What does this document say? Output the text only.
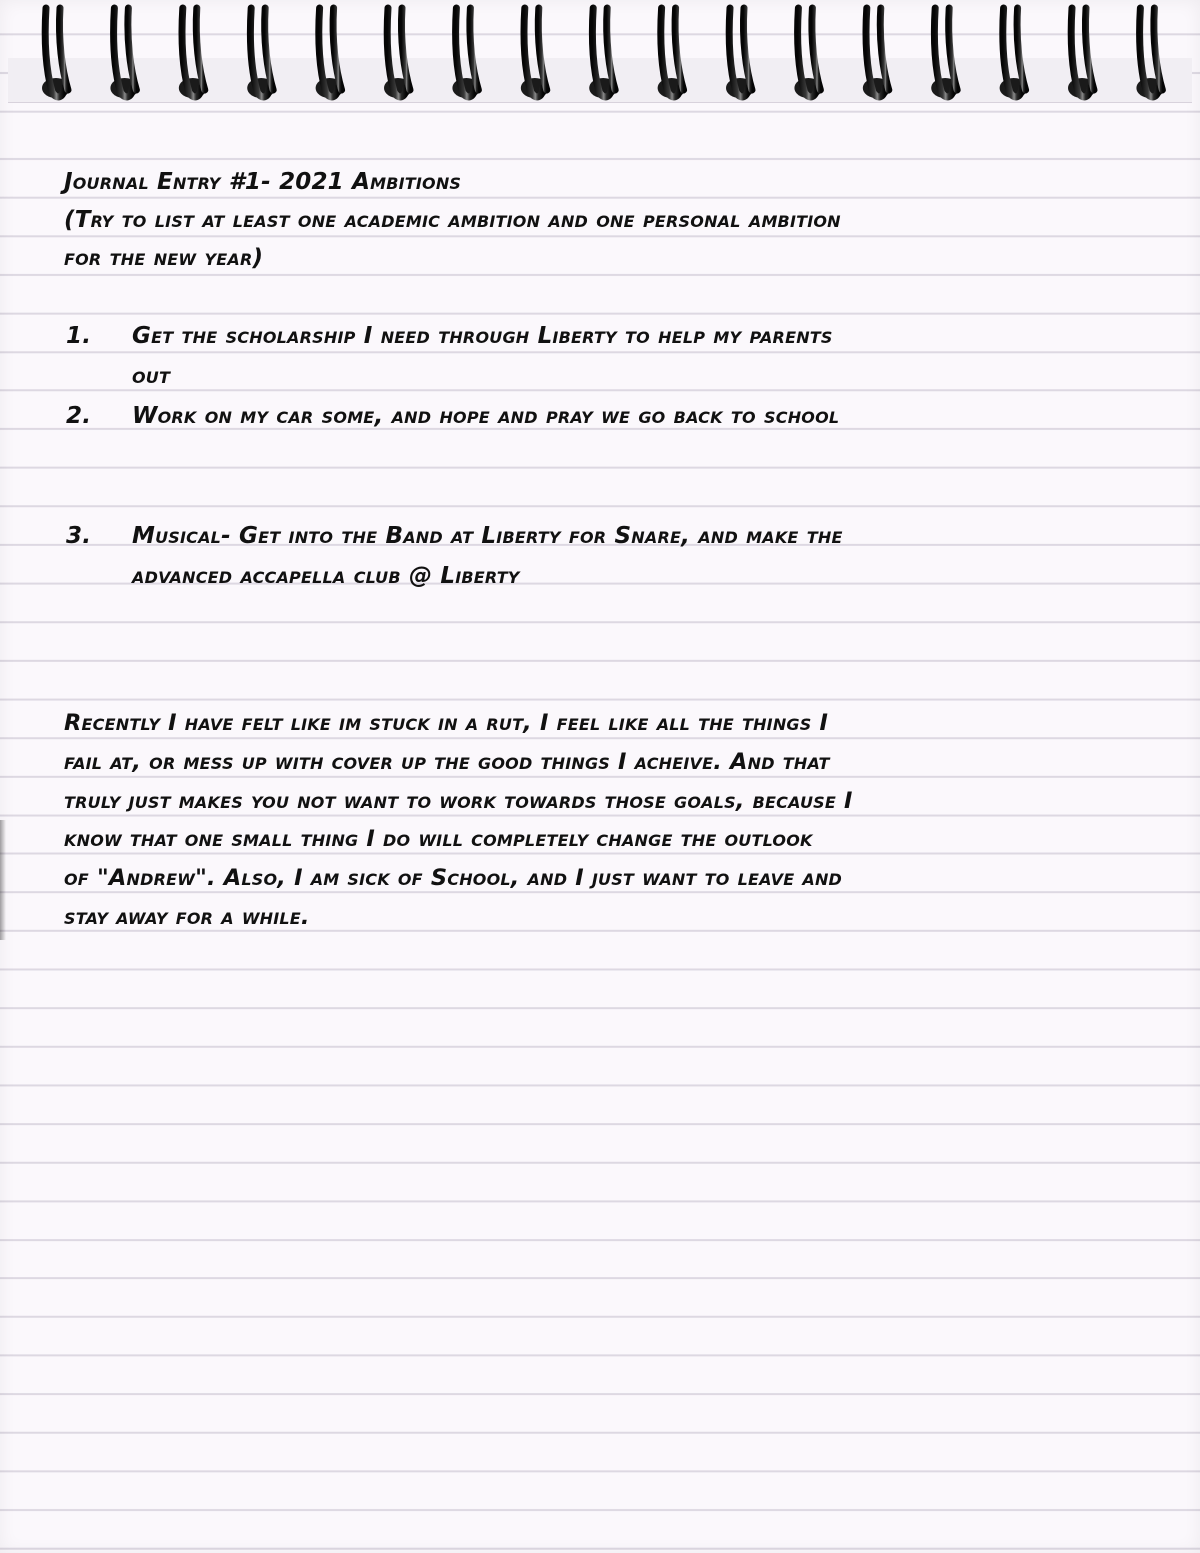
Journal Entry #1- 2021 Ambitions
(Try to list at least one academic ambition and one personal ambition
for the new year)
1. Get the scholarship I need through Liberty to help my parents
out
2. Work on my car some, and hope and pray we go back to school
3. Musical- Get into the Band at Liberty for Snare, and make the
advanced accapella club @ Liberty
Recently I have felt like im stuck in a rut, I feel like all the things I
fail at, or mess up with cover up the good things I acheive. And that
truly just makes you not want to work towards those goals, because I
know that one small thing I do will completely change the outlook
of "Andrew". Also, I am sick of School, and I just want to leave and
stay away for a while.
